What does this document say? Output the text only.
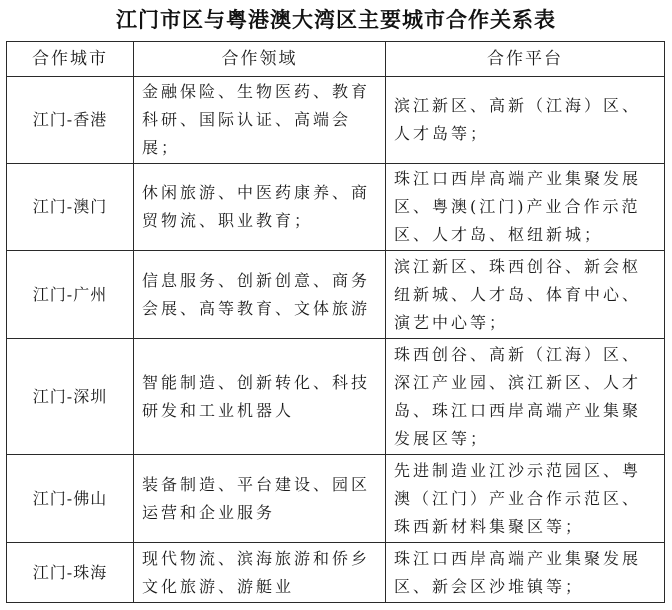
江门市区与粤港澳大湾区主要城市合作关系表
合作城市	合作领域	合作平台
江门-香港	金融保险、生物医药、教育科研、国际认证、高端会展；	滨江新区、高新（江海）区、人才岛等；
江门-澳门	休闲旅游、中医药康养、商贸物流、职业教育；	珠江口西岸高端产业集聚发展区、粤澳(江门)产业合作示范区、人才岛、枢纽新城；
江门-广州	信息服务、创新创意、商务会展、高等教育、文体旅游	滨江新区、珠西创谷、新会枢纽新城、人才岛、体育中心、演艺中心等；
江门-深圳	智能制造、创新转化、科技研发和工业机器人	珠西创谷、高新（江海）区、深江产业园、滨江新区、人才岛、珠江口西岸高端产业集聚发展区等；
江门-佛山	装备制造、平台建设、园区运营和企业服务	先进制造业江沙示范园区、粤澳（江门）产业合作示范区、珠西新材料集聚区等；
江门-珠海	现代物流、滨海旅游和侨乡文化旅游、游艇业	珠江口西岸高端产业集聚发展区、新会区沙堆镇等；
